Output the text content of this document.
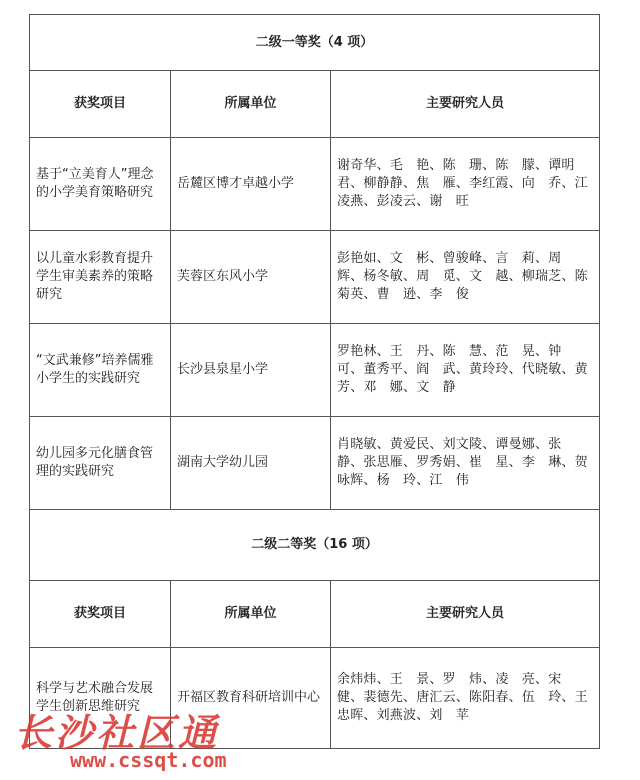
二级一等奖（4 项）		
获奖项目	所属单位	主要研究人员
基于“立美育人”理念的小学美育策略研究	岳麓区博才卓越小学	谢奇华、毛　艳、陈　珊、陈　朦、谭明君、柳静静、焦　雁、李红霞、向　乔、江凌燕、彭凌云、谢　旺
以儿童水彩教育提升学生审美素养的策略研究	芙蓉区东风小学	彭艳如、文　彬、曾骏峰、言　莉、周　辉、杨冬敏、周　觅、文　越、柳瑞芝、陈菊英、曹　逊、李　俊
“文武兼修”培养儒雅小学生的实践研究	长沙县泉星小学	罗艳林、王　丹、陈　慧、范　晃、钟　可、董秀平、阎　武、黄玲玲、代晓敏、黄　芳、邓　娜、文　静
幼儿园多元化膳食管理的实践研究	湖南大学幼儿园	肖晓敏、黄爱民、刘文陵、谭曼娜、张　静、张思雁、罗秀娟、崔　星、李　琳、贺咏辉、杨　玲、江　伟
二级二等奖（16 项）		
获奖项目	所属单位	主要研究人员
科学与艺术融合发展学生创新思维研究	开福区教育科研培训中心	余炜炜、王　景、罗　炜、凌　亮、宋　健、裴德先、唐汇云、陈阳春、伍　玲、王忠晖、刘燕波、刘　苹
长沙社区通
www.cssqt.com
